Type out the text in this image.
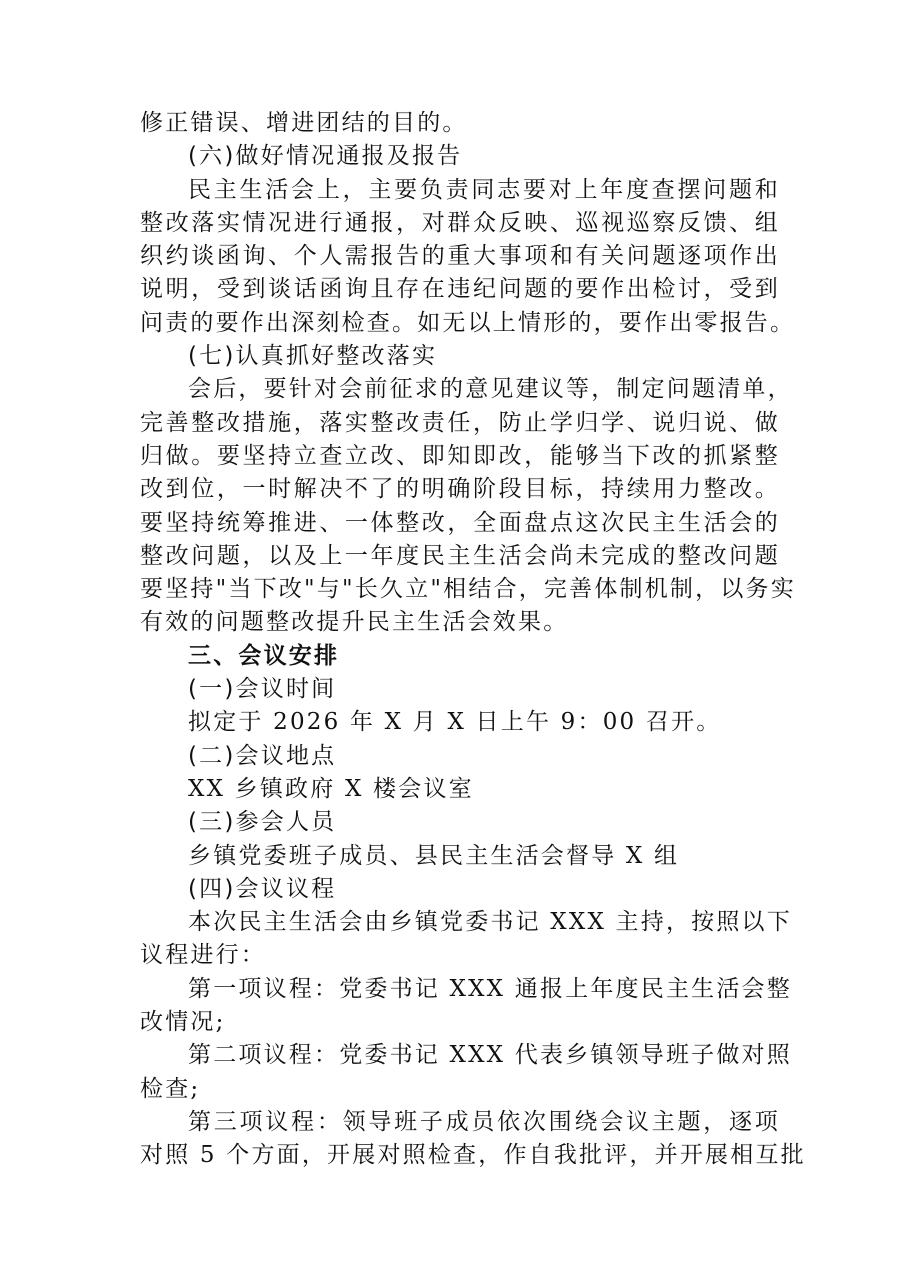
修正错误、增进团结的目的。
(六)做好情况通报及报告
民主生活会上，主要负责同志要对上年度查摆问题和
整改落实情况进行通报，对群众反映、巡视巡察反馈、组
织约谈函询、个人需报告的重大事项和有关问题逐项作出
说明，受到谈话函询且存在违纪问题的要作出检讨，受到
问责的要作出深刻检查。如无以上情形的，要作出零报告。
(七)认真抓好整改落实
会后，要针对会前征求的意见建议等，制定问题清单，
完善整改措施，落实整改责任，防止学归学、说归说、做
归做。要坚持立查立改、即知即改，能够当下改的抓紧整
改到位，一时解决不了的明确阶段目标，持续用力整改。
要坚持统筹推进、一体整改，全面盘点这次民主生活会的
整改问题，以及上一年度民主生活会尚未完成的整改问题
要坚持"当下改"与"长久立"相结合，完善体制机制，以务实
有效的问题整改提升民主生活会效果。
三、会议安排
(一)会议时间
拟定于 2026 年 X 月 X 日上午 9：00 召开。
(二)会议地点
XX 乡镇政府 X 楼会议室
(三)参会人员
乡镇党委班子成员、县民主生活会督导 X 组
(四)会议议程
本次民主生活会由乡镇党委书记 XXX 主持，按照以下
议程进行：
第一项议程：党委书记 XXX 通报上年度民主生活会整
改情况;
第二项议程：党委书记 XXX 代表乡镇领导班子做对照
检查;
第三项议程：领导班子成员依次围绕会议主题，逐项
对照 5 个方面，开展对照检查，作自我批评，并开展相互批
